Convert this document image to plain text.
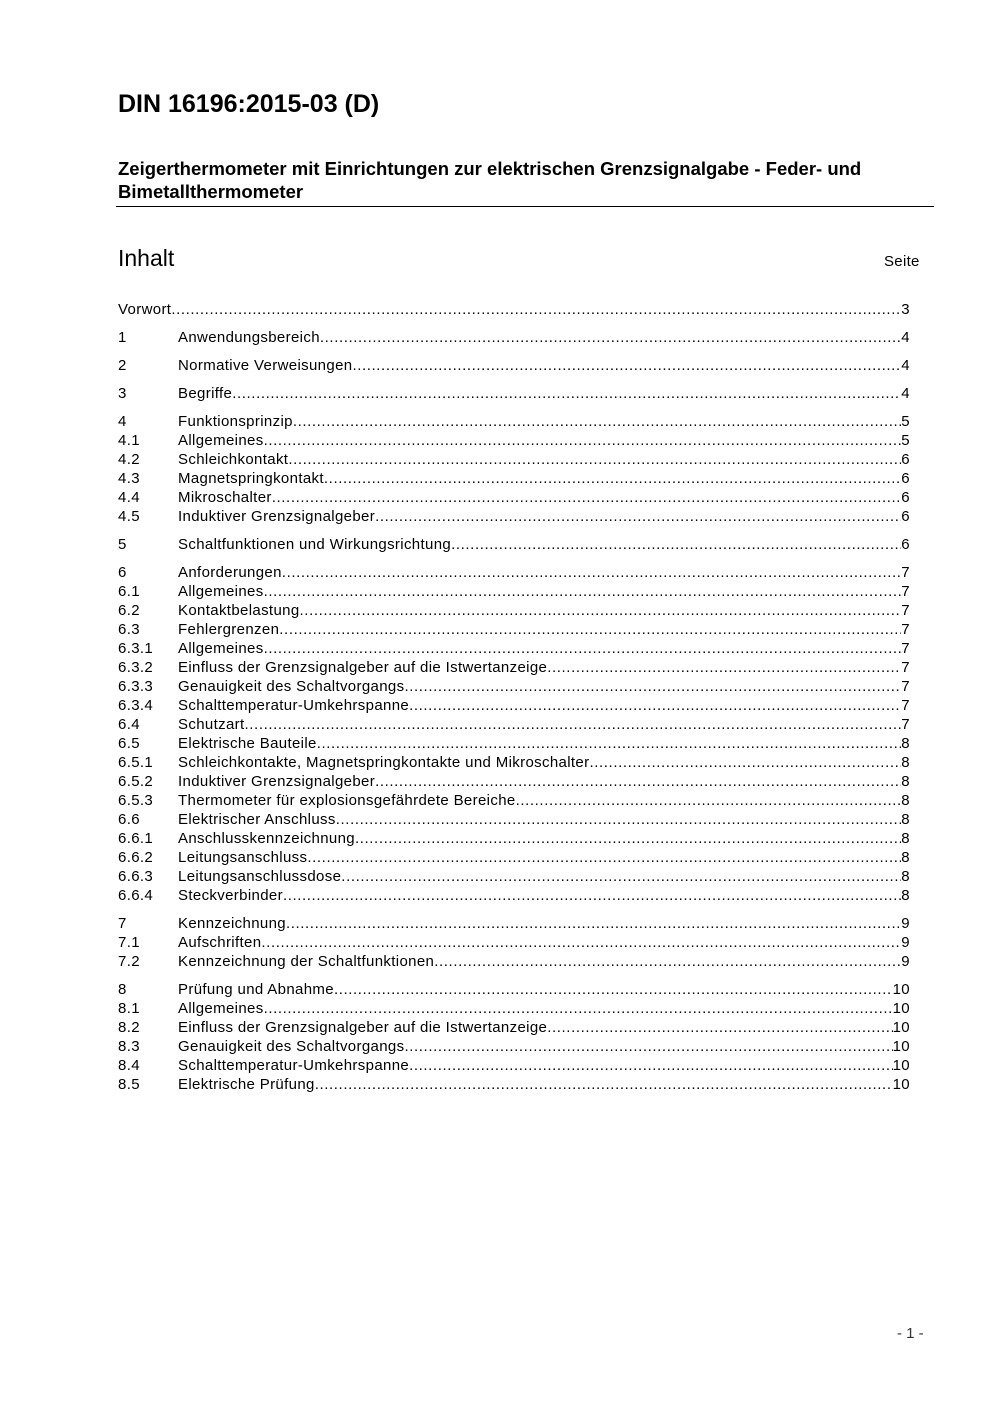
DIN 16196:2015-03 (D)
Zeigerthermometer mit Einrichtungen zur elektrischen Grenzsignalgabe - Feder- und Bimetallthermometer
Inhalt	Seite
Vorwort .....	3
1	Anwendungsbereich .....	4
2	Normative Verweisungen .....	4
3	Begriffe .....	4
4	Funktionsprinzip .....	5
4.1	Allgemeines .....	5
4.2	Schleichkontakt .....	6
4.3	Magnetspringkontakt .....	6
4.4	Mikroschalter .....	6
4.5	Induktiver Grenzsignalgeber .....	6
5	Schaltfunktionen und Wirkungsrichtung .....	6
6	Anforderungen .....	7
6.1	Allgemeines .....	7
6.2	Kontaktbelastung .....	7
6.3	Fehlergrenzen .....	7
6.3.1	Allgemeines .....	7
6.3.2	Einfluss der Grenzsignalgeber auf die Istwertanzeige .....	7
6.3.3	Genauigkeit des Schaltvorgangs .....	7
6.3.4	Schalttemperatur-Umkehrspanne .....	7
6.4	Schutzart .....	7
6.5	Elektrische Bauteile .....	8
6.5.1	Schleichkontakte, Magnetspringkontakte und Mikroschalter .....	8
6.5.2	Induktiver Grenzsignalgeber .....	8
6.5.3	Thermometer für explosionsgefährdete Bereiche .....	8
6.6	Elektrischer Anschluss .....	8
6.6.1	Anschlusskennzeichnung .....	8
6.6.2	Leitungsanschluss .....	8
6.6.3	Leitungsanschlussdose .....	8
6.6.4	Steckverbinder .....	8
7	Kennzeichnung .....	9
7.1	Aufschriften .....	9
7.2	Kennzeichnung der Schaltfunktionen .....	9
8	Prüfung und Abnahme .....	10
8.1	Allgemeines .....	10
8.2	Einfluss der Grenzsignalgeber auf die Istwertanzeige .....	10
8.3	Genauigkeit des Schaltvorgangs .....	10
8.4	Schalttemperatur-Umkehrspanne .....	10
8.5	Elektrische Prüfung .....	10
- 1 -
